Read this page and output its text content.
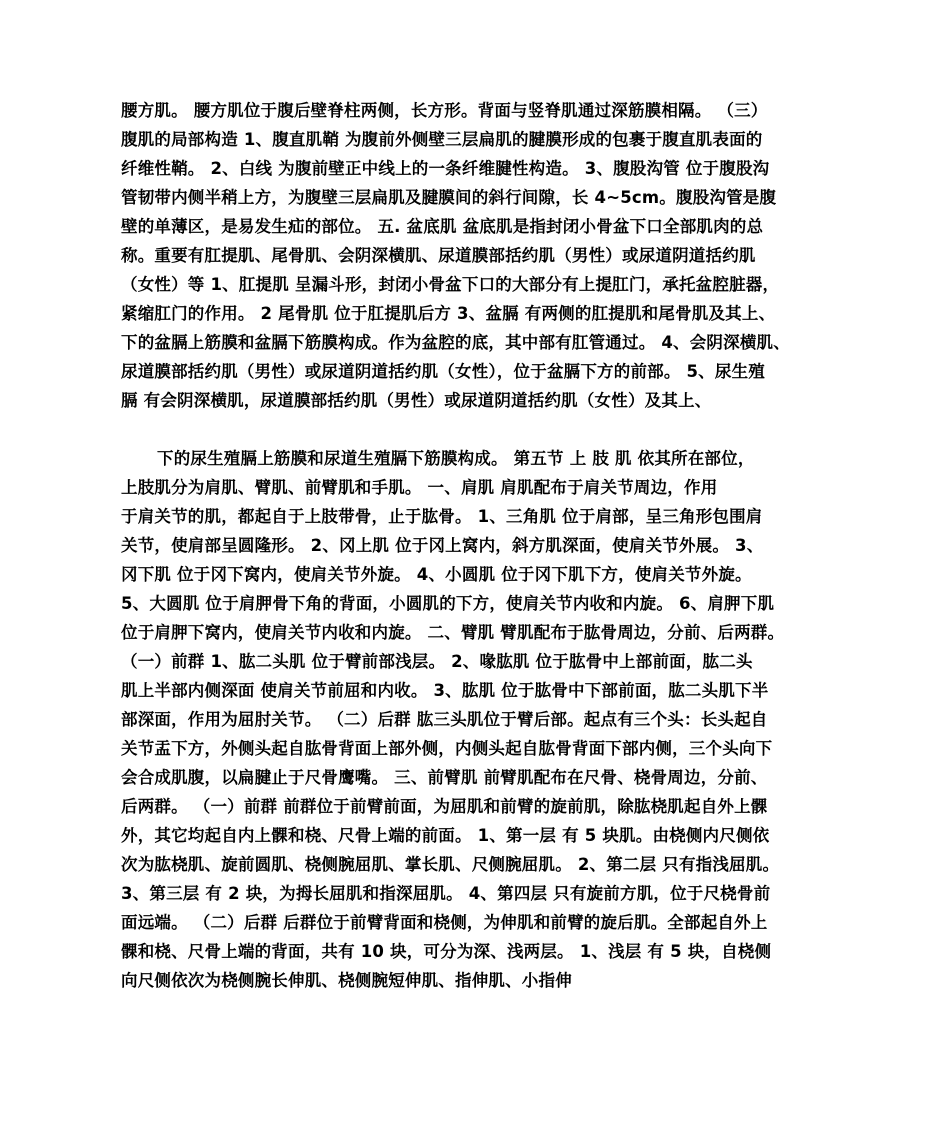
腰方肌。 腰方肌位于腹后壁脊柱两侧，长方形。背面与竖脊肌通过深筋膜相隔。 （三）
腹肌的局部构造 1、腹直肌鞘 为腹前外侧壁三层扁肌的腱膜形成的包裹于腹直肌表面的
纤维性鞘。 2、白线 为腹前壁正中线上的一条纤维腱性构造。 3、腹股沟管 位于腹股沟
管韧带内侧半稍上方，为腹壁三层扁肌及腱膜间的斜行间隙，长 4~5cm。腹股沟管是腹
壁的单薄区，是易发生疝的部位。 五. 盆底肌 盆底肌是指封闭小骨盆下口全部肌肉的总
称。重要有肛提肌、尾骨肌、会阴深横肌、尿道膜部括约肌（男性）或尿道阴道括约肌
（女性）等 1、肛提肌 呈漏斗形，封闭小骨盆下口的大部分有上提肛门，承托盆腔脏器，
紧缩肛门的作用。 2 尾骨肌 位于肛提肌后方 3、盆膈 有两侧的肛提肌和尾骨肌及其上、
下的盆膈上筋膜和盆膈下筋膜构成。作为盆腔的底，其中部有肛管通过。 4、会阴深横肌、
尿道膜部括约肌（男性）或尿道阴道括约肌（女性），位于盆膈下方的前部。 5、尿生殖
膈 有会阴深横肌，尿道膜部括约肌（男性）或尿道阴道括约肌（女性）及其上、
下的尿生殖膈上筋膜和尿道生殖膈下筋膜构成。 第五节 上 肢 肌 依其所在部位，
上肢肌分为肩肌、臂肌、前臂肌和手肌。 一、肩肌 肩肌配布于肩关节周边，作用
于肩关节的肌，都起自于上肢带骨，止于肱骨。 1、三角肌 位于肩部，呈三角形包围肩
关节，使肩部呈圆隆形。 2、冈上肌 位于冈上窝内，斜方肌深面，使肩关节外展。 3、
冈下肌 位于冈下窝内，使肩关节外旋。 4、小圆肌 位于冈下肌下方，使肩关节外旋。
5、大圆肌 位于肩胛骨下角的背面，小圆肌的下方，使肩关节内收和内旋。 6、肩胛下肌
位于肩胛下窝内，使肩关节内收和内旋。 二、臂肌 臂肌配布于肱骨周边，分前、后两群。
（一）前群 1、肱二头肌 位于臂前部浅层。 2、喙肱肌 位于肱骨中上部前面，肱二头
肌上半部内侧深面 使肩关节前屈和内收。 3、肱肌 位于肱骨中下部前面，肱二头肌下半
部深面，作用为屈肘关节。 （二）后群 肱三头肌位于臂后部。起点有三个头：长头起自
关节盂下方，外侧头起自肱骨背面上部外侧，内侧头起自肱骨背面下部内侧，三个头向下
会合成肌腹，以扁腱止于尺骨鹰嘴。 三、前臂肌 前臂肌配布在尺骨、桡骨周边，分前、
后两群。 （一）前群 前群位于前臂前面，为屈肌和前臂的旋前肌，除肱桡肌起自外上髁
外，其它均起自内上髁和桡、尺骨上端的前面。 1、第一层 有 5 块肌。由桡侧内尺侧依
次为肱桡肌、旋前圆肌、桡侧腕屈肌、掌长肌、尺侧腕屈肌。 2、第二层 只有指浅屈肌。
3、第三层 有 2 块，为拇长屈肌和指深屈肌。 4、第四层 只有旋前方肌，位于尺桡骨前
面远端。 （二）后群 后群位于前臂背面和桡侧，为伸肌和前臂的旋后肌。全部起自外上
髁和桡、尺骨上端的背面，共有 10 块，可分为深、浅两层。 1、浅层 有 5 块，自桡侧
向尺侧依次为桡侧腕长伸肌、桡侧腕短伸肌、指伸肌、小指伸
